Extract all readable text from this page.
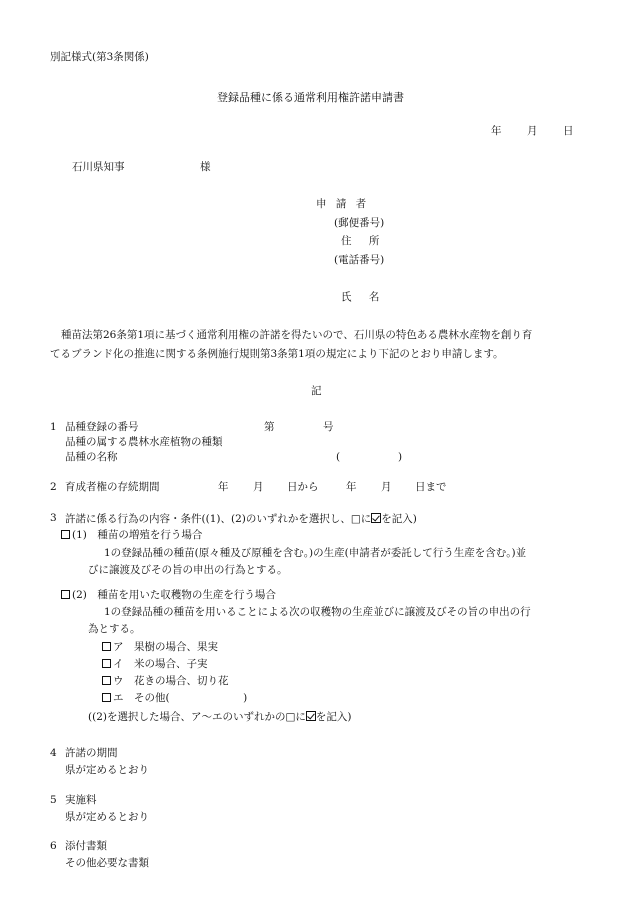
別記様式(第3条関係)
登録品種に係る通常利用権許諾申請書
年 月 日
石川県知事	様
申 請 者
(郵便番号)
住 所
(電話番号)
氏 名
種苗法第26条第1項に基づく通常利用権の許諾を得たいので、石川県の特色ある農林水産物を創り育
てるブランド化の推進に関する条例施行規則第3条第1項の規定により下記のとおり申請します。
記
1 品種登録の番号	第	号
品種の属する農林水産植物の種類
品種の名称	(	)
2 育成者権の存続期間	年 月 日から	年 月 日まで
3 許諾に係る行為の内容・条件((1)、(2)のいずれかを選択し、□に を記入)
(1)　種苗の増殖を行う場合
1の登録品種の種苗(原々種及び原種を含む。)の生産(申請者が委託して行う生産を含む。)並
びに譲渡及びその旨の申出の行為とする。
(2)　種苗を用いた収穫物の生産を行う場合
1の登録品種の種苗を用いることによる次の収穫物の生産並びに譲渡及びその旨の申出の行
為とする。
ア　果樹の場合、果実
イ　米の場合、子実
ウ　花きの場合、切り花
エ　その他(　　　　　　　)
((2)を選択した場合、ア～エのいずれかの□に を記入)
4 許諾の期間
県が定めるとおり
5 実施料
県が定めるとおり
6 添付書類
その他必要な書類
